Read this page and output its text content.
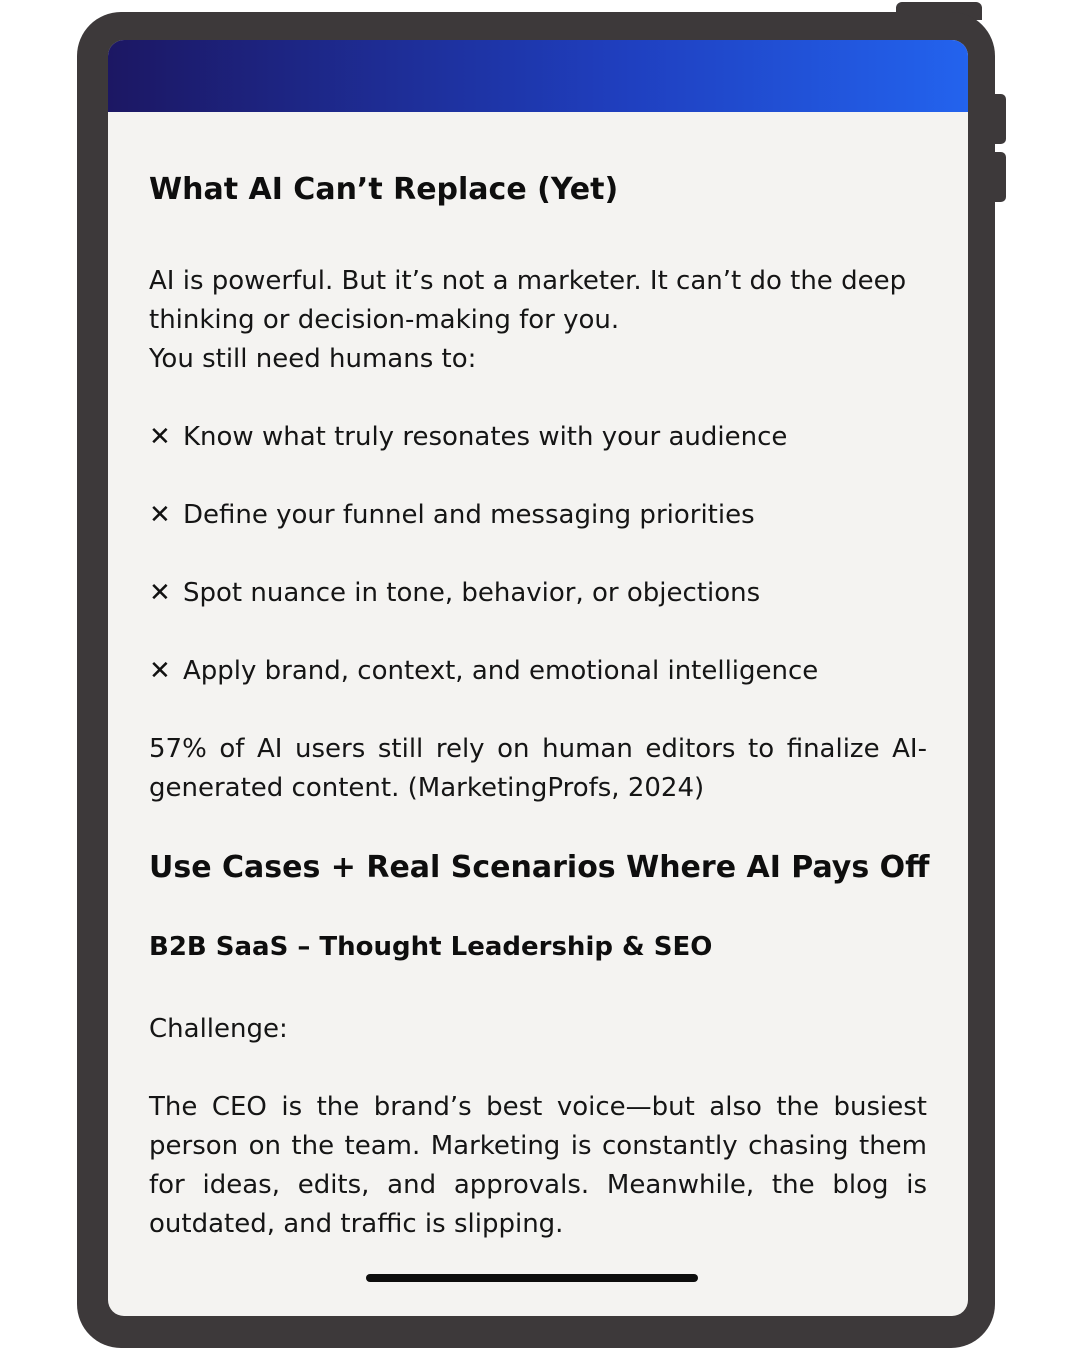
What AI Can’t Replace (Yet)

AI is powerful. But it’s not a marketer. It can’t do the deep
thinking or decision-making for you.
You still need humans to:

✕ Know what truly resonates with your audience
✕ Define your funnel and messaging priorities
✕ Spot nuance in tone, behavior, or objections
✕ Apply brand, context, and emotional intelligence

57% of AI users still rely on human editors to finalize AI-generated content. (MarketingProfs, 2024)

Use Cases + Real Scenarios Where AI Pays Off
B2B SaaS – Thought Leadership & SEO

Challenge:

The CEO is the brand’s best voice—but also the busiest person on the team. Marketing is constantly chasing them for ideas, edits, and approvals. Meanwhile, the blog is outdated, and traffic is slipping.
